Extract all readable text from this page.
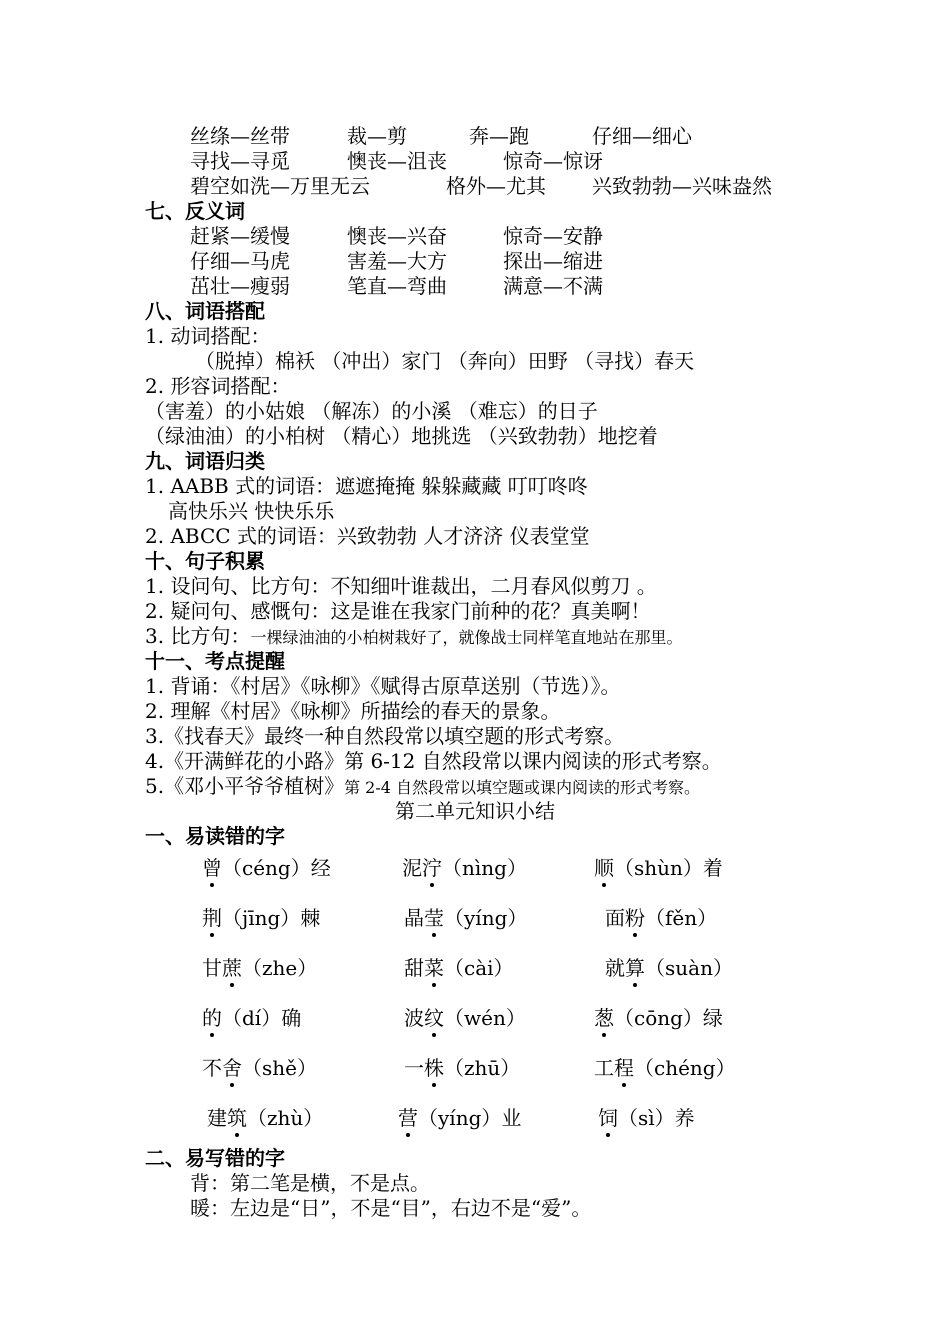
丝绦—丝带	裁—剪	奔—跑	仔细—细心
寻找—寻觅	懊丧—沮丧	惊奇—惊讶
碧空如洗—万里无云	格外—尤其 兴致勃勃—兴味盎然
七、反义词
赶紧—缓慢	懊丧—兴奋	惊奇—安静
仔细—马虎	害羞—大方	探出—缩进
茁壮—瘦弱	笔直—弯曲	满意—不满
八、词语搭配
1. 动词搭配：
（脱掉）棉袄 （冲出）家门 （奔向）田野 （寻找）春天
2. 形容词搭配：
（害羞）的小姑娘 （解冻）的小溪 （难忘）的日子
（绿油油）的小柏树 （精心）地挑选 （兴致勃勃）地挖着
九、词语归类
1. AABB 式的词语：遮遮掩掩 躲躲藏藏 叮叮咚咚
高快乐兴 快快乐乐
2. ABCC 式的词语：兴致勃勃 人才济济 仪表堂堂
十、句子积累
1. 设问句、比方句：不知细叶谁裁出，二月春风似剪刀 。
2. 疑问句、感慨句：这是谁在我家门前种的花？真美啊！
3. 比方句：一棵绿油油的小柏树栽好了，就像战士同样笔直地站在那里。
十一、考点提醒
1. 背诵：《村居》《咏柳》《赋得古原草送别（节选）》。
2. 理解《村居》《咏柳》所描绘的春天的景象。
3.《找春天》最终一种自然段常以填空题的形式考察。
4.《开满鲜花的小路》第 6-12 自然段常以课内阅读的形式考察。
5.《邓小平爷爷植树》第 2-4 自然段常以填空题或课内阅读的形式考察。
第二单元知识小结
一、易读错的字
曾（céng）经	泥泞（nìng）	顺（shùn）着
荆（jīng）棘	晶莹（yíng）	面粉（fěn）
甘蔗（zhe）	甜菜（cài）	就算（suàn）
的（dí）确	波纹（wén）	葱（cōng）绿
不舍（shě）	一株（zhū）	工程（chéng）
建筑（zhù）	营（yíng）业	饲（sì）养
二、易写错的字
背：第二笔是横，不是点。
暖：左边是“日”，不是“目”，右边不是“爱”。
